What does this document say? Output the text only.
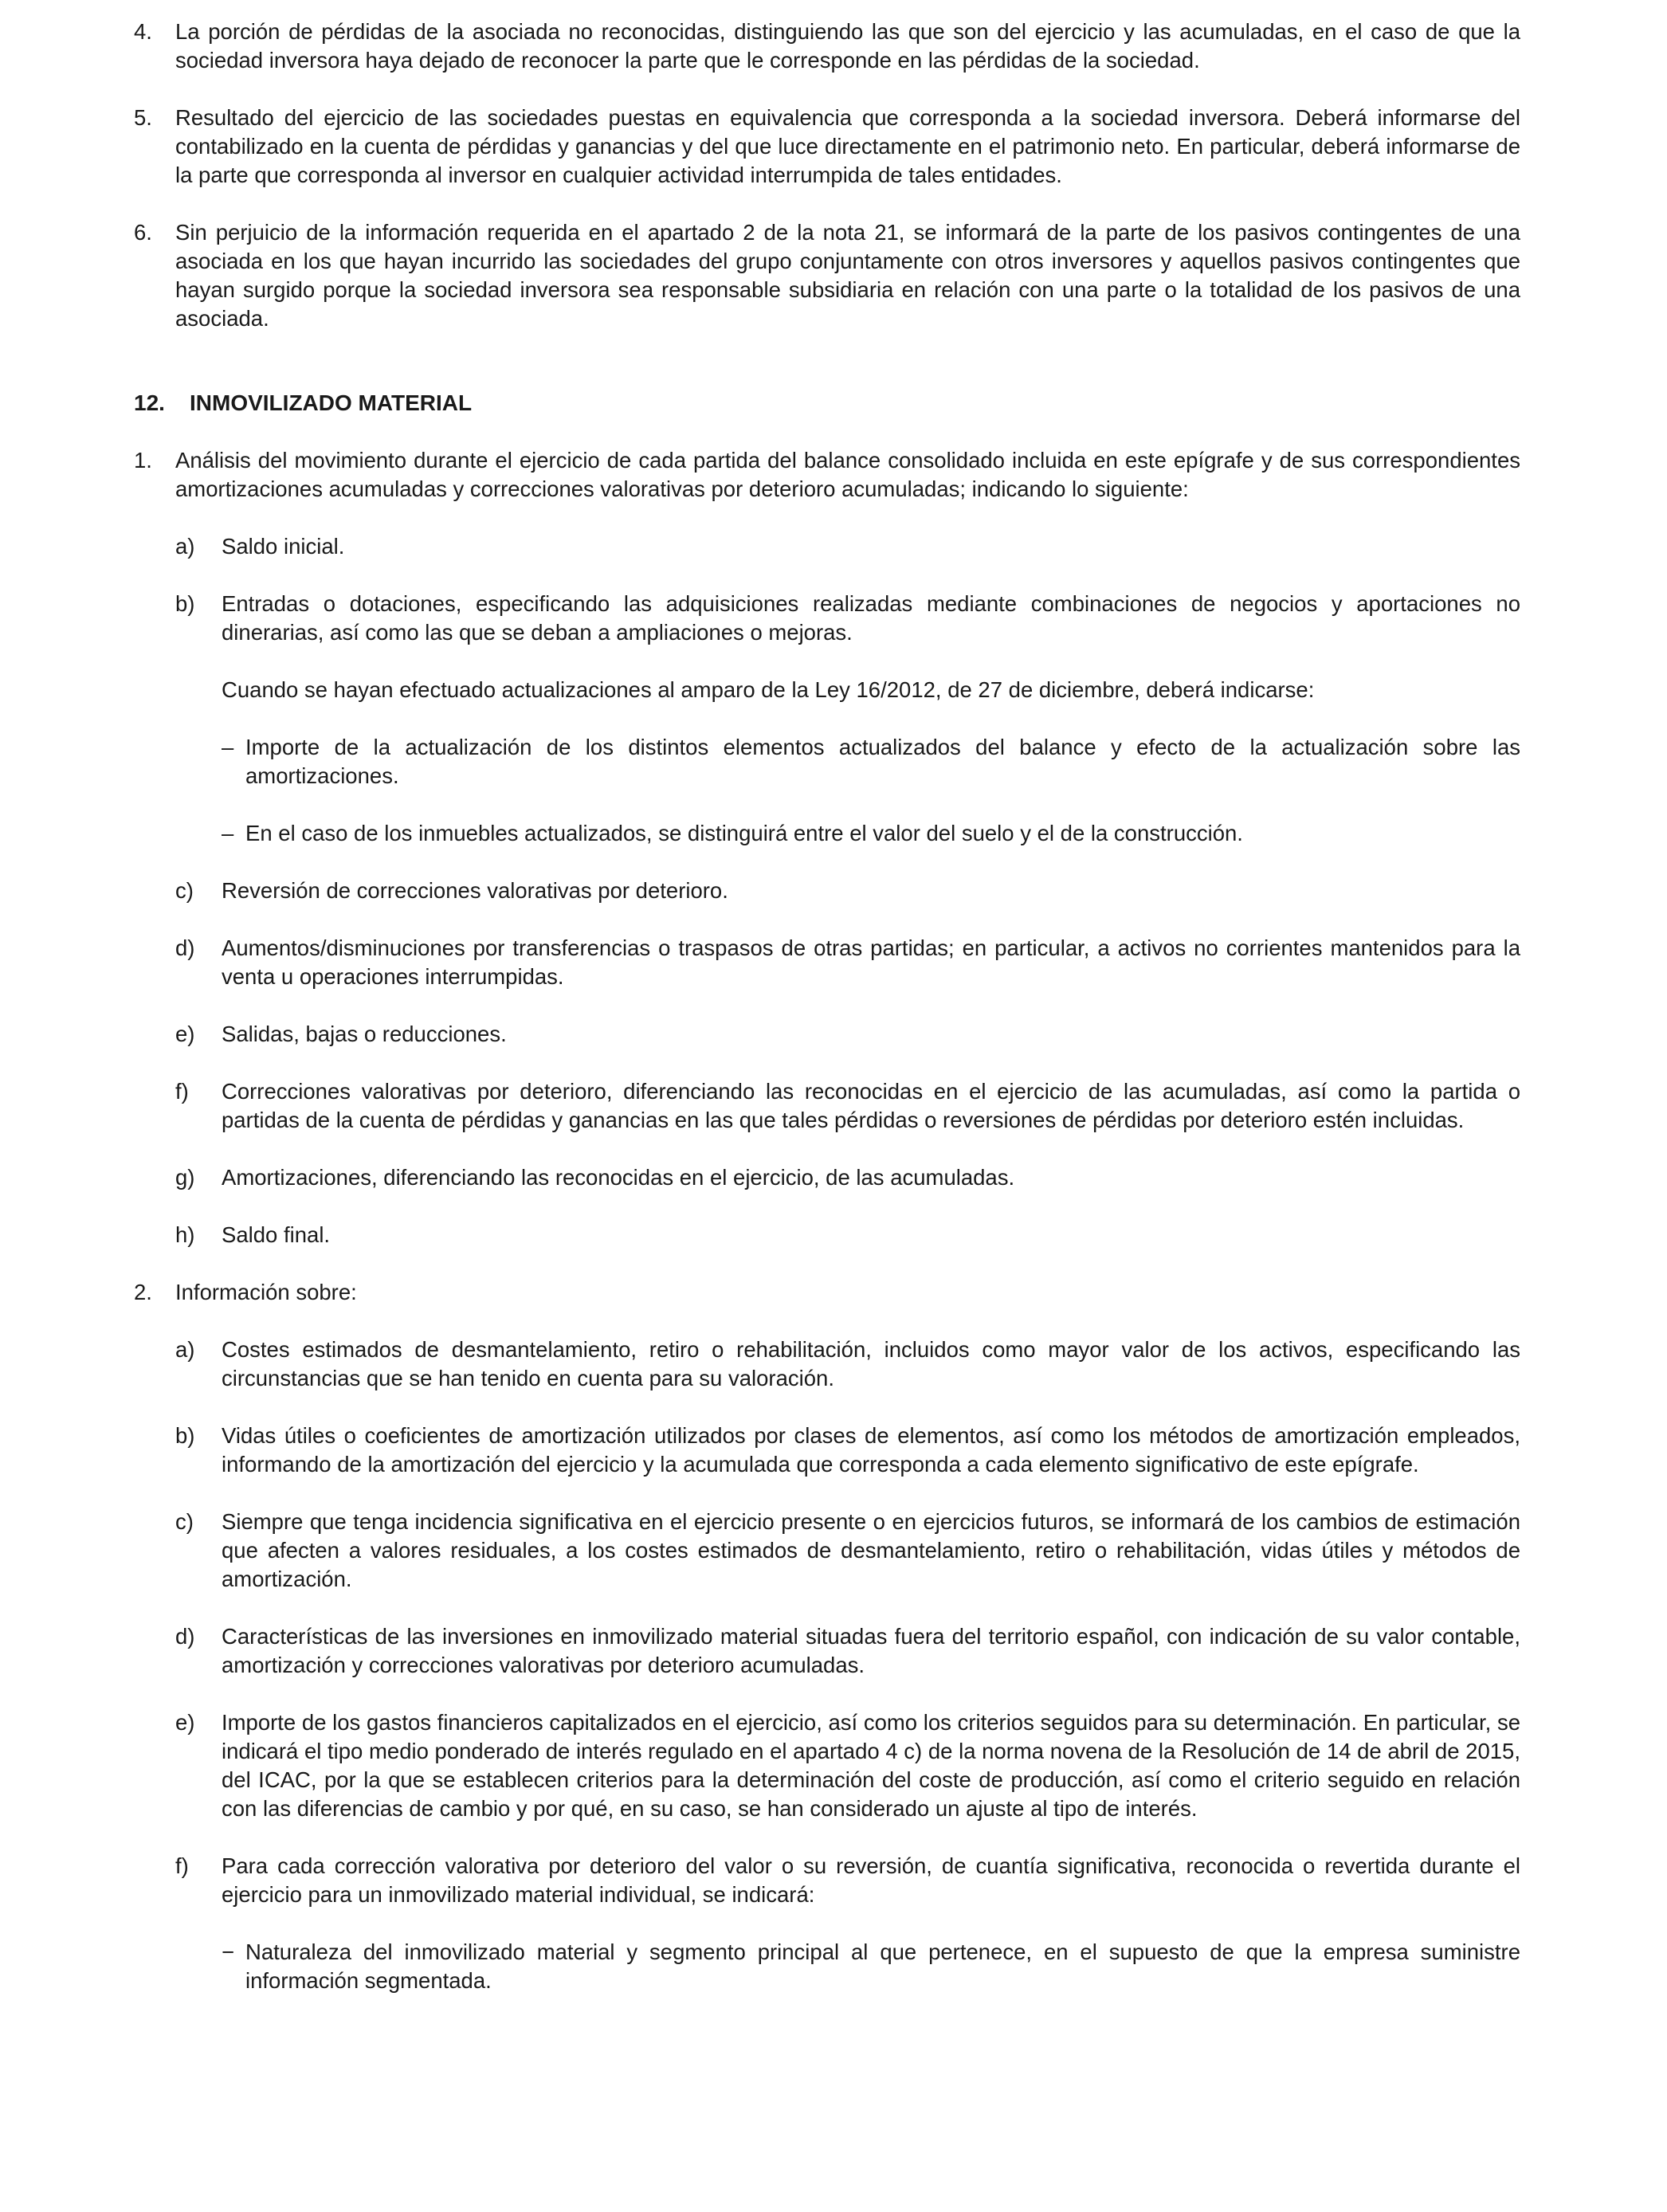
4. La porción de pérdidas de la asociada no reconocidas, distinguiendo las que son del ejercicio y las acumuladas, en el caso de que la sociedad inversora haya dejado de reconocer la parte que le corresponde en las pérdidas de la sociedad.
5. Resultado del ejercicio de las sociedades puestas en equivalencia que corresponda a la sociedad inversora. Deberá informarse del contabilizado en la cuenta de pérdidas y ganancias y del que luce directamente en el patrimonio neto. En particular, deberá informarse de la parte que corresponda al inversor en cualquier actividad interrumpida de tales entidades.
6. Sin perjuicio de la información requerida en el apartado 2 de la nota 21, se informará de la parte de los pasivos contingentes de una asociada en los que hayan incurrido las sociedades del grupo conjuntamente con otros inversores y aquellos pasivos contingentes que hayan surgido porque la sociedad inversora sea responsable subsidiaria en relación con una parte o la totalidad de los pasivos de una asociada.
12. INMOVILIZADO MATERIAL
1. Análisis del movimiento durante el ejercicio de cada partida del balance consolidado incluida en este epígrafe y de sus correspondientes amortizaciones acumuladas y correcciones valorativas por deterioro acumuladas; indicando lo siguiente:
a) Saldo inicial.
b) Entradas o dotaciones, especificando las adquisiciones realizadas mediante combinaciones de negocios y aportaciones no dinerarias, así como las que se deban a ampliaciones o mejoras.
Cuando se hayan efectuado actualizaciones al amparo de la Ley 16/2012, de 27 de diciembre, deberá indicarse:
– Importe de la actualización de los distintos elementos actualizados del balance y efecto de la actualización sobre las amortizaciones.
– En el caso de los inmuebles actualizados, se distinguirá entre el valor del suelo y el de la construcción.
c) Reversión de correcciones valorativas por deterioro.
d) Aumentos/disminuciones por transferencias o traspasos de otras partidas; en particular, a activos no corrientes mantenidos para la venta u operaciones interrumpidas.
e) Salidas, bajas o reducciones.
f) Correcciones valorativas por deterioro, diferenciando las reconocidas en el ejercicio de las acumuladas, así como la partida o partidas de la cuenta de pérdidas y ganancias en las que tales pérdidas o reversiones de pérdidas por deterioro estén incluidas.
g) Amortizaciones, diferenciando las reconocidas en el ejercicio, de las acumuladas.
h) Saldo final.
2. Información sobre:
a) Costes estimados de desmantelamiento, retiro o rehabilitación, incluidos como mayor valor de los activos, especificando las circunstancias que se han tenido en cuenta para su valoración.
b) Vidas útiles o coeficientes de amortización utilizados por clases de elementos, así como los métodos de amortización empleados, informando de la amortización del ejercicio y la acumulada que corresponda a cada elemento significativo de este epígrafe.
c) Siempre que tenga incidencia significativa en el ejercicio presente o en ejercicios futuros, se informará de los cambios de estimación que afecten a valores residuales, a los costes estimados de desmantelamiento, retiro o rehabilitación, vidas útiles y métodos de amortización.
d) Características de las inversiones en inmovilizado material situadas fuera del territorio español, con indicación de su valor contable, amortización y correcciones valorativas por deterioro acumuladas.
e) Importe de los gastos financieros capitalizados en el ejercicio, así como los criterios seguidos para su determinación. En particular, se indicará el tipo medio ponderado de interés regulado en el apartado 4 c) de la norma novena de la Resolución de 14 de abril de 2015, del ICAC, por la que se establecen criterios para la determinación del coste de producción, así como el criterio seguido en relación con las diferencias de cambio y por qué, en su caso, se han considerado un ajuste al tipo de interés.
f) Para cada corrección valorativa por deterioro del valor o su reversión, de cuantía significativa, reconocida o revertida durante el ejercicio para un inmovilizado material individual, se indicará:
− Naturaleza del inmovilizado material y segmento principal al que pertenece, en el supuesto de que la empresa suministre información segmentada.
